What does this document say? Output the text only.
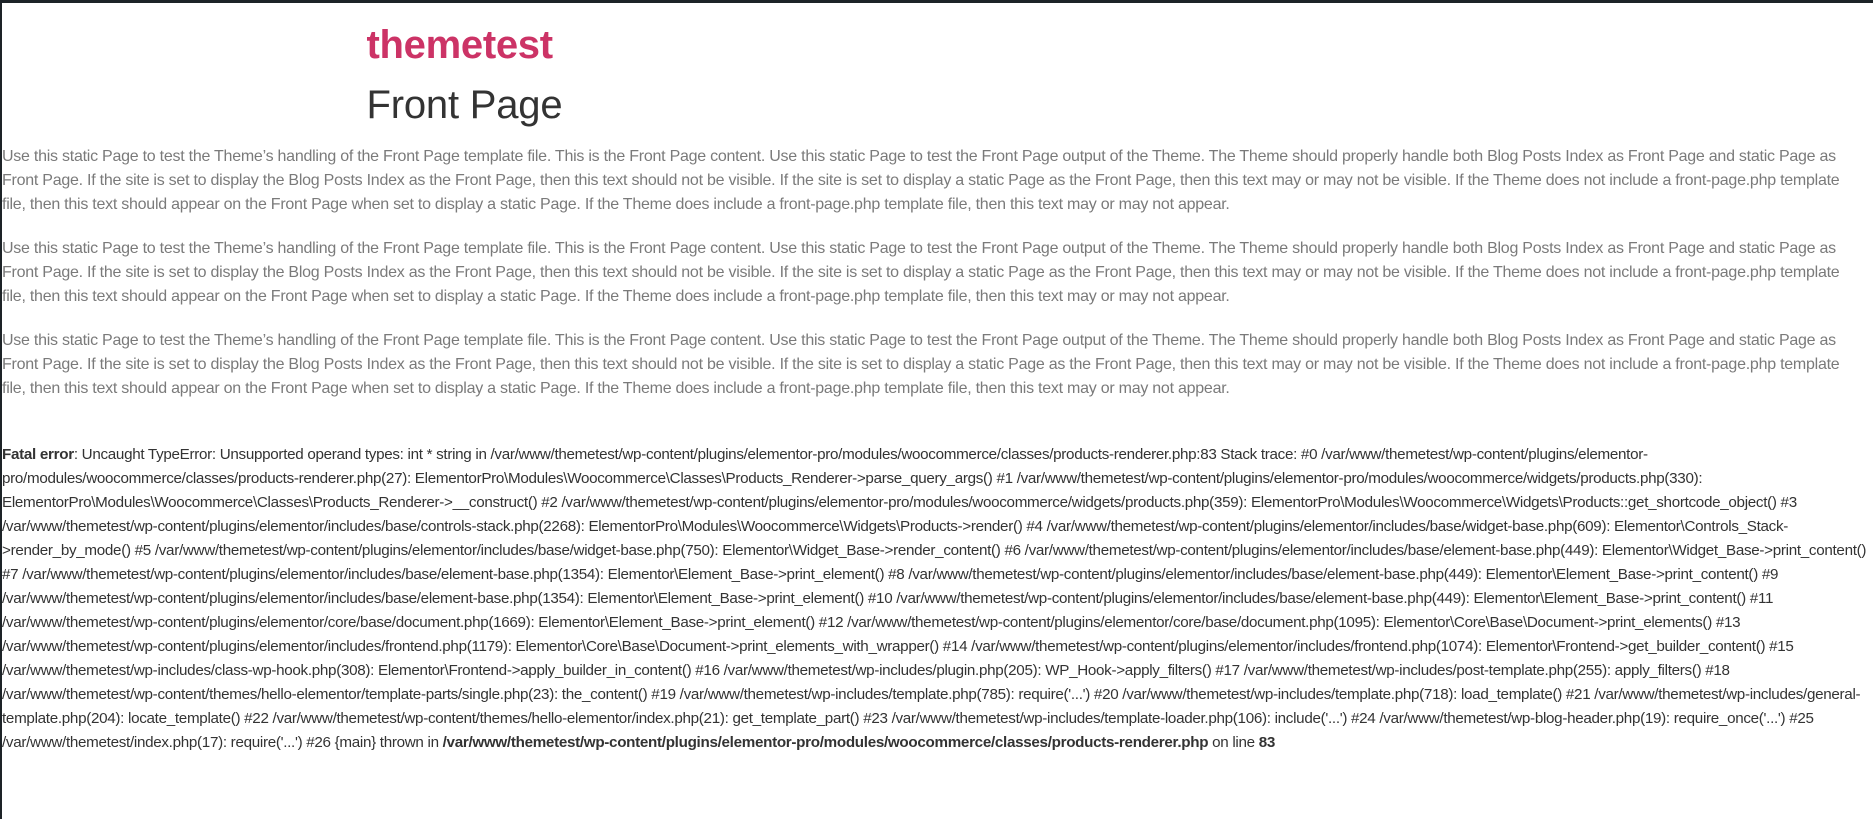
themetest
Front Page

Use this static Page to test the Theme’s handling of the Front Page template file. This is the Front Page content. Use this static Page to test the Front Page output of the Theme. The Theme should properly handle both Blog Posts Index as Front Page and static Page as Front Page. If the site is set to display the Blog Posts Index as the Front Page, then this text should not be visible. If the site is set to display a static Page as the Front Page, then this text may or may not be visible. If the Theme does not include a front-page.php template file, then this text should appear on the Front Page when set to display a static Page. If the Theme does include a front-page.php template file, then this text may or may not appear.

Use this static Page to test the Theme’s handling of the Front Page template file. This is the Front Page content. Use this static Page to test the Front Page output of the Theme. The Theme should properly handle both Blog Posts Index as Front Page and static Page as Front Page. If the site is set to display the Blog Posts Index as the Front Page, then this text should not be visible. If the site is set to display a static Page as the Front Page, then this text may or may not be visible. If the Theme does not include a front-page.php template file, then this text should appear on the Front Page when set to display a static Page. If the Theme does include a front-page.php template file, then this text may or may not appear.

Use this static Page to test the Theme’s handling of the Front Page template file. This is the Front Page content. Use this static Page to test the Front Page output of the Theme. The Theme should properly handle both Blog Posts Index as Front Page and static Page as Front Page. If the site is set to display the Blog Posts Index as the Front Page, then this text should not be visible. If the site is set to display a static Page as the Front Page, then this text may or may not be visible. If the Theme does not include a front-page.php template file, then this text should appear on the Front Page when set to display a static Page. If the Theme does include a front-page.php template file, then this text may or may not appear.

Fatal error: Uncaught TypeError: Unsupported operand types: int * string in /var/www/themetest/wp-content/plugins/elementor-pro/modules/woocommerce/classes/products-renderer.php:83 Stack trace: #0 /var/www/themetest/wp-content/plugins/elementor-pro/modules/woocommerce/classes/products-renderer.php(27): ElementorPro\Modules\Woocommerce\Classes\Products_Renderer->parse_query_args() #1 /var/www/themetest/wp-content/plugins/elementor-pro/modules/woocommerce/widgets/products.php(330): ElementorPro\Modules\Woocommerce\Classes\Products_Renderer->__construct() #2 /var/www/themetest/wp-content/plugins/elementor-pro/modules/woocommerce/widgets/products.php(359): ElementorPro\Modules\Woocommerce\Widgets\Products::get_shortcode_object() #3 /var/www/themetest/wp-content/plugins/elementor/includes/base/controls-stack.php(2268): ElementorPro\Modules\Woocommerce\Widgets\Products->render() #4 /var/www/themetest/wp-content/plugins/elementor/includes/base/widget-base.php(609): Elementor\Controls_Stack->render_by_mode() #5 /var/www/themetest/wp-content/plugins/elementor/includes/base/widget-base.php(750): Elementor\Widget_Base->render_content() #6 /var/www/themetest/wp-content/plugins/elementor/includes/base/element-base.php(449): Elementor\Widget_Base->print_content() #7 /var/www/themetest/wp-content/plugins/elementor/includes/base/element-base.php(1354): Elementor\Element_Base->print_element() #8 /var/www/themetest/wp-content/plugins/elementor/includes/base/element-base.php(449): Elementor\Element_Base->print_content() #9 /var/www/themetest/wp-content/plugins/elementor/includes/base/element-base.php(1354): Elementor\Element_Base->print_element() #10 /var/www/themetest/wp-content/plugins/elementor/includes/base/element-base.php(449): Elementor\Element_Base->print_content() #11 /var/www/themetest/wp-content/plugins/elementor/core/base/document.php(1669): Elementor\Element_Base->print_element() #12 /var/www/themetest/wp-content/plugins/elementor/core/base/document.php(1095): Elementor\Core\Base\Document->print_elements() #13 /var/www/themetest/wp-content/plugins/elementor/includes/frontend.php(1179): Elementor\Core\Base\Document->print_elements_with_wrapper() #14 /var/www/themetest/wp-content/plugins/elementor/includes/frontend.php(1074): Elementor\Frontend->get_builder_content() #15 /var/www/themetest/wp-includes/class-wp-hook.php(308): Elementor\Frontend->apply_builder_in_content() #16 /var/www/themetest/wp-includes/plugin.php(205): WP_Hook->apply_filters() #17 /var/www/themetest/wp-includes/post-template.php(255): apply_filters() #18 /var/www/themetest/wp-content/themes/hello-elementor/template-parts/single.php(23): the_content() #19 /var/www/themetest/wp-includes/template.php(785): require('...') #20 /var/www/themetest/wp-includes/template.php(718): load_template() #21 /var/www/themetest/wp-includes/general-template.php(204): locate_template() #22 /var/www/themetest/wp-content/themes/hello-elementor/index.php(21): get_template_part() #23 /var/www/themetest/wp-includes/template-loader.php(106): include('...') #24 /var/www/themetest/wp-blog-header.php(19): require_once('...') #25 /var/www/themetest/index.php(17): require('...') #26 {main} thrown in /var/www/themetest/wp-content/plugins/elementor-pro/modules/woocommerce/classes/products-renderer.php on line 83
